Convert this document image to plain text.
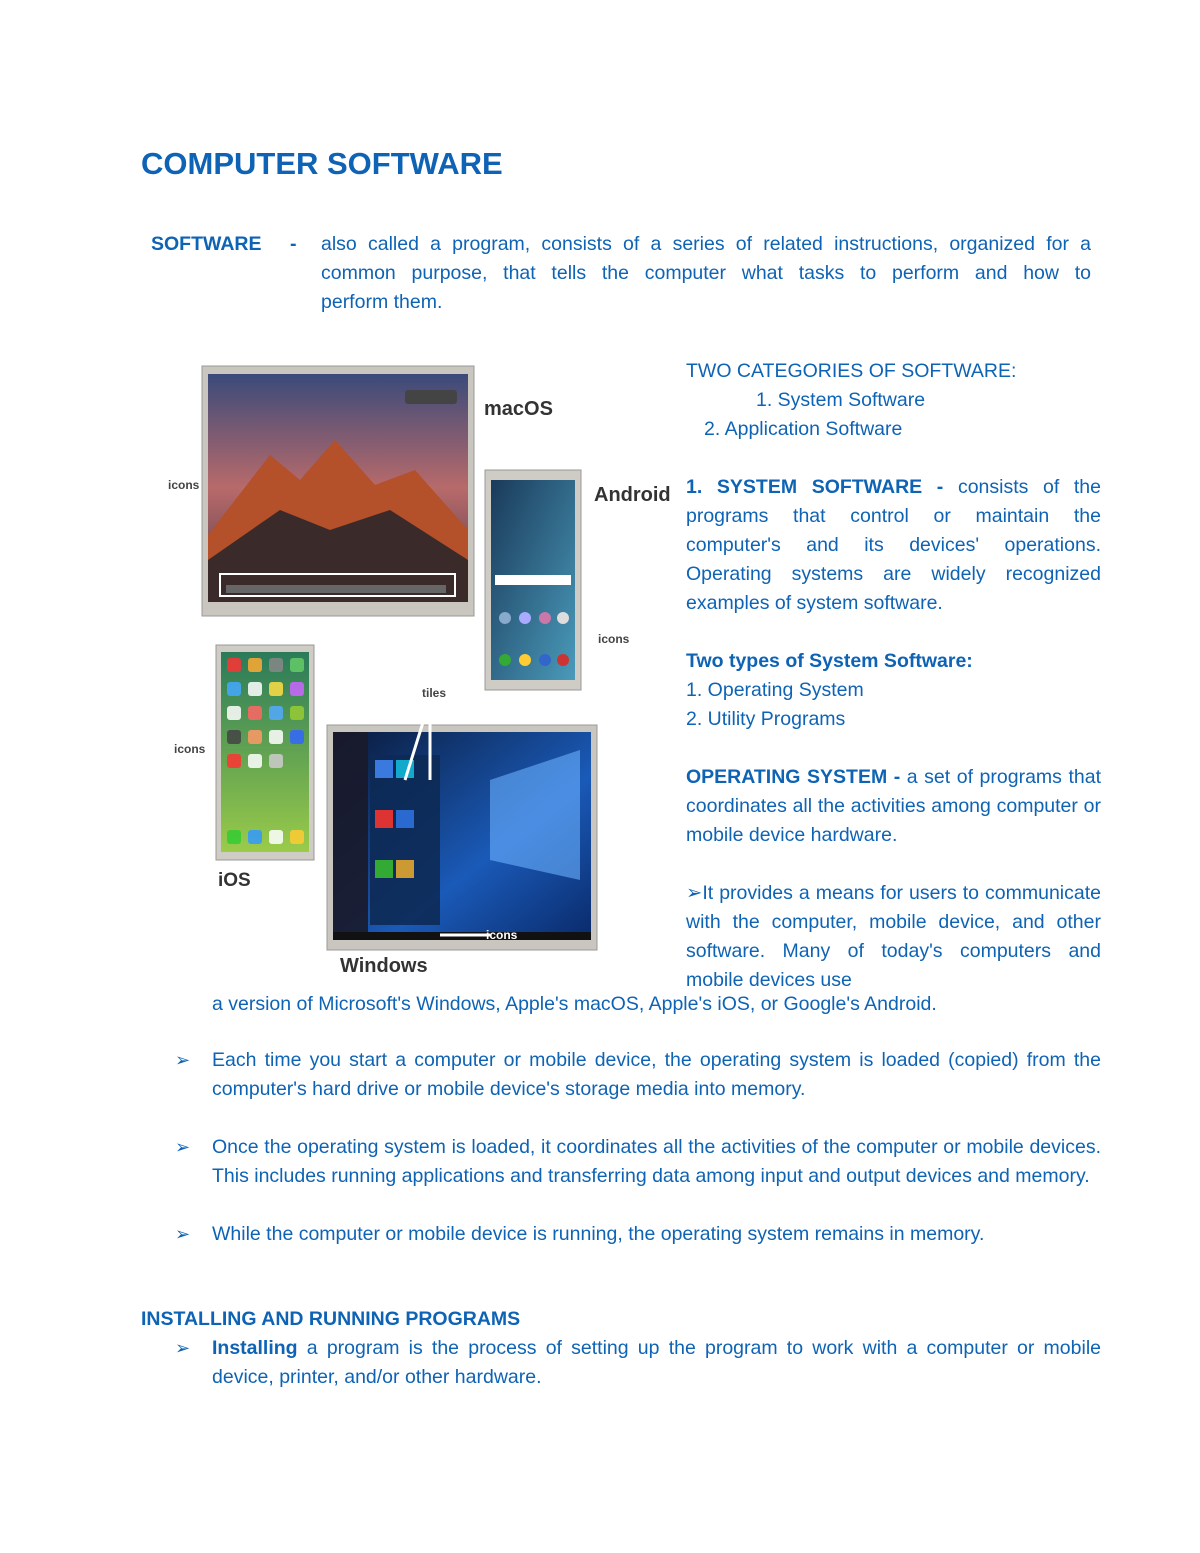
COMPUTER SOFTWARE
SOFTWARE - also called a program, consists of a series of related instructions, organized for a
common purpose, that tells the computer what tasks to perform and how to
perform them.
macOS
Android
iOS
Windows
icons
icons
icons
tiles
icons
TWO CATEGORIES OF SOFTWARE:
1. System Software
2. Application Software
1. SYSTEM SOFTWARE - consists of the programs that control or maintain the computer's and its devices' operations. Operating systems are widely recognized examples of system software.
Two types of System Software:
1. Operating System
2. Utility Programs
OPERATING SYSTEM - a set of programs that coordinates all the activities among computer or mobile device hardware.
➢It provides a means for users to communicate with the computer, mobile device, and other software. Many of today's computers and mobile devices use
a version of Microsoft's Windows, Apple's macOS, Apple's iOS, or Google's Android.
➢ Each time you start a computer or mobile device, the operating system is loaded (copied) from the computer's hard drive or mobile device's storage media into memory.
➢ Once the operating system is loaded, it coordinates all the activities of the computer or mobile devices. This includes running applications and transferring data among input and output devices and memory.
➢ While the computer or mobile device is running, the operating system remains in memory.
INSTALLING AND RUNNING PROGRAMS
➢ Installing a program is the process of setting up the program to work with a computer or mobile device, printer, and/or other hardware.
